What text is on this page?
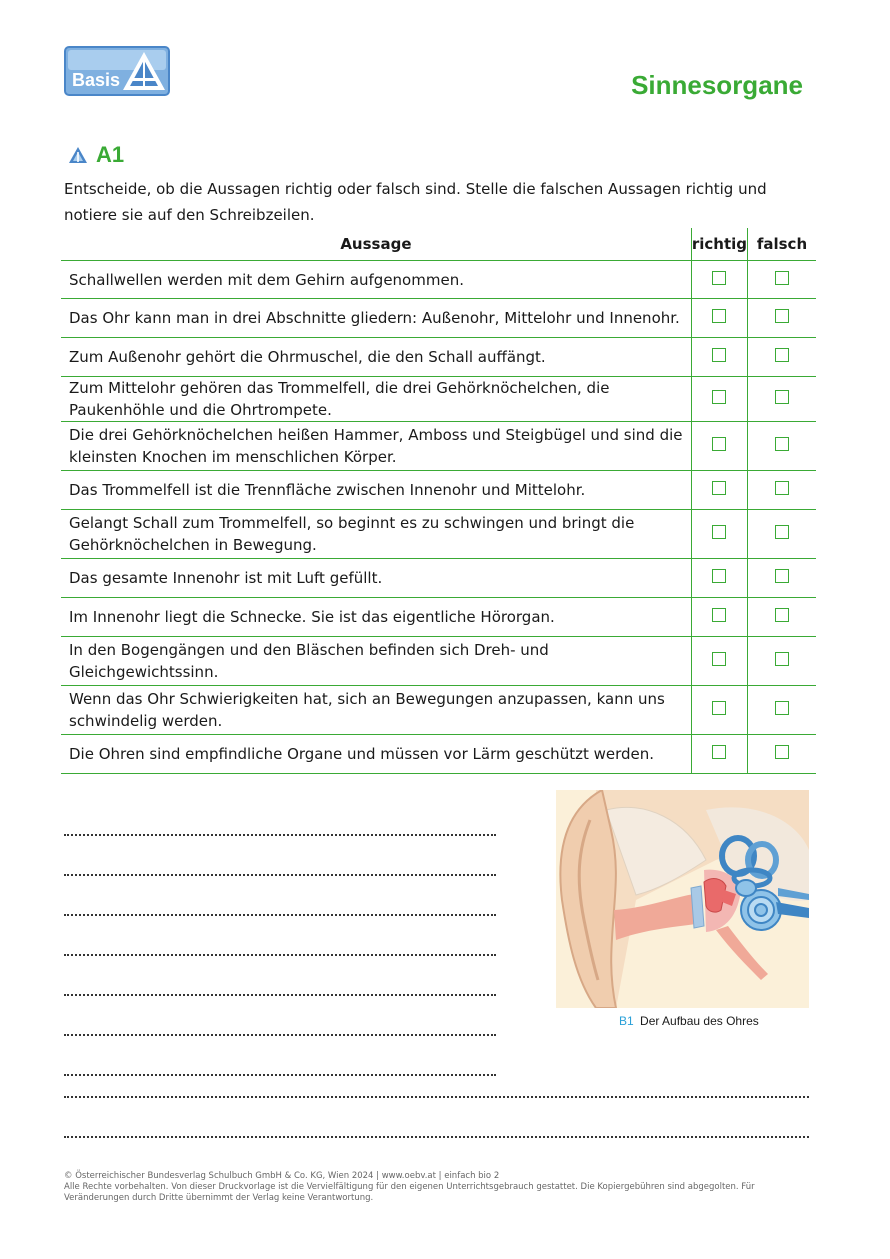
Basis	Sinnesorgane
A1
Entscheide, ob die Aussagen richtig oder falsch sind. Stelle die falschen Aussagen richtig und notiere sie auf den Schreibzeilen.
Aussage	richtig	falsch
Schallwellen werden mit dem Gehirn aufgenommen.		
Das Ohr kann man in drei Abschnitte gliedern: Außenohr, Mittelohr und Innenohr.		
Zum Außenohr gehört die Ohrmuschel, die den Schall auffängt.		
Zum Mittelohr gehören das Trommelfell, die drei Gehörknöchelchen, die Paukenhöhle und die Ohrtrompete.		
Die drei Gehörknöchelchen heißen Hammer, Amboss und Steigbügel und sind die kleinsten Knochen im menschlichen Körper.		
Das Trommelfell ist die Trennfläche zwischen Innenohr und Mittelohr.		
Gelangt Schall zum Trommelfell, so beginnt es zu schwingen und bringt die Gehörknöchelchen in Bewegung.		
Das gesamte Innenohr ist mit Luft gefüllt.		
Im Innenohr liegt die Schnecke. Sie ist das eigentliche Hörorgan.		
In den Bogengängen und den Bläschen befinden sich Dreh- und Gleichgewichtssinn.		
Wenn das Ohr Schwierigkeiten hat, sich an Bewegungen anzupassen, kann uns schwindelig werden.		
Die Ohren sind empfindliche Organe und müssen vor Lärm geschützt werden.		
B1 Der Aufbau des Ohres
© Österreichischer Bundesverlag Schulbuch GmbH & Co. KG, Wien 2024 | www.oebv.at | einfach bio 2
Alle Rechte vorbehalten. Von dieser Druckvorlage ist die Vervielfältigung für den eigenen Unterrichtsgebrauch gestattet. Die Kopiergebühren sind abgegolten. Für Veränderungen durch Dritte übernimmt der Verlag keine Verantwortung.
